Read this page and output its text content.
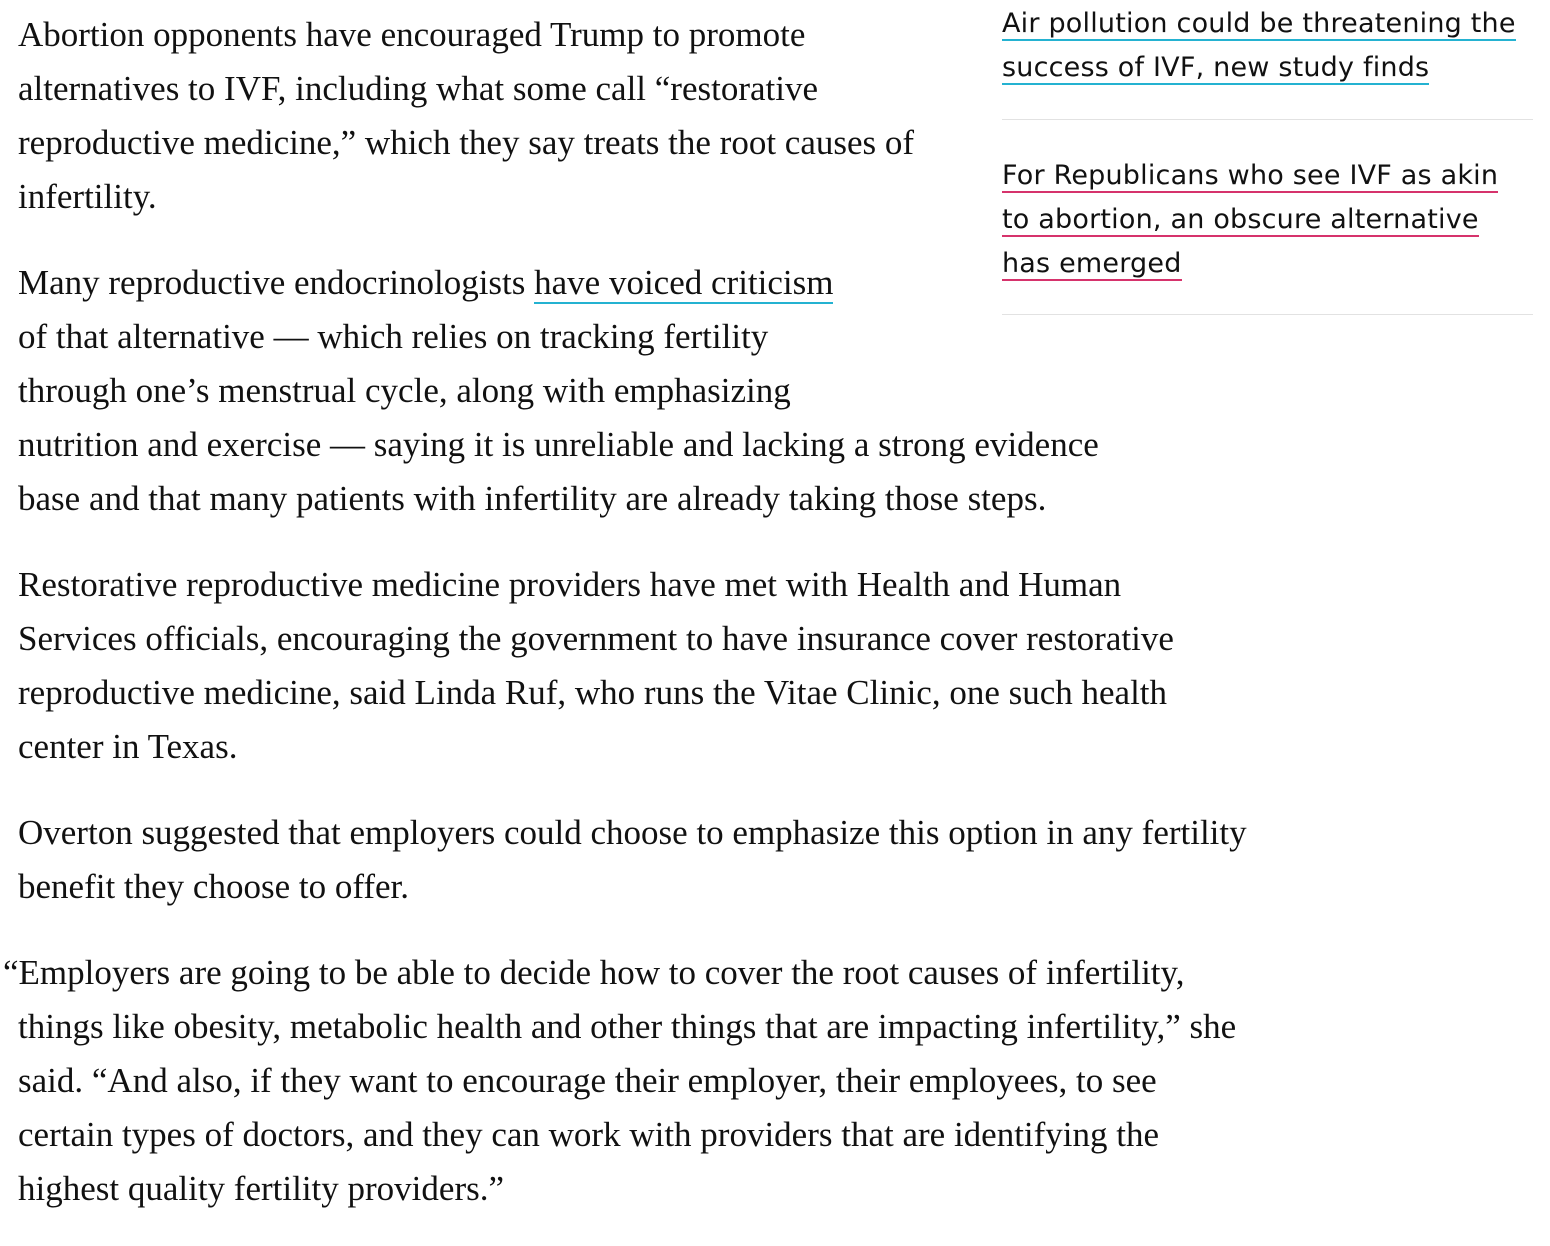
Abortion opponents have encouraged Trump to promote alternatives to IVF, including what some call “restorative reproductive medicine,” which they say treats the root causes of infertility.

Many reproductive endocrinologists have voiced criticism
of that alternative — which relies on tracking fertility
through one’s menstrual cycle, along with emphasizing
nutrition and exercise — saying it is unreliable and lacking a strong evidence
base and that many patients with infertility are already taking those steps.

Restorative reproductive medicine providers have met with Health and Human Services officials, encouraging the government to have insurance cover restorative reproductive medicine, said Linda Ruf, who runs the Vitae Clinic, one such health center in Texas.

Overton suggested that employers could choose to emphasize this option in any fertility benefit they choose to offer.

“Employers are going to be able to decide how to cover the root causes of infertility, things like obesity, metabolic health and other things that are impacting infertility,” she said. “And also, if they want to encourage their employer, their employees, to see certain types of doctors, and they can work with providers that are identifying the highest quality fertility providers.”

Air pollution could be threatening the
success of IVF, new study finds
For Republicans who see IVF as akin
to abortion, an obscure alternative
has emerged
